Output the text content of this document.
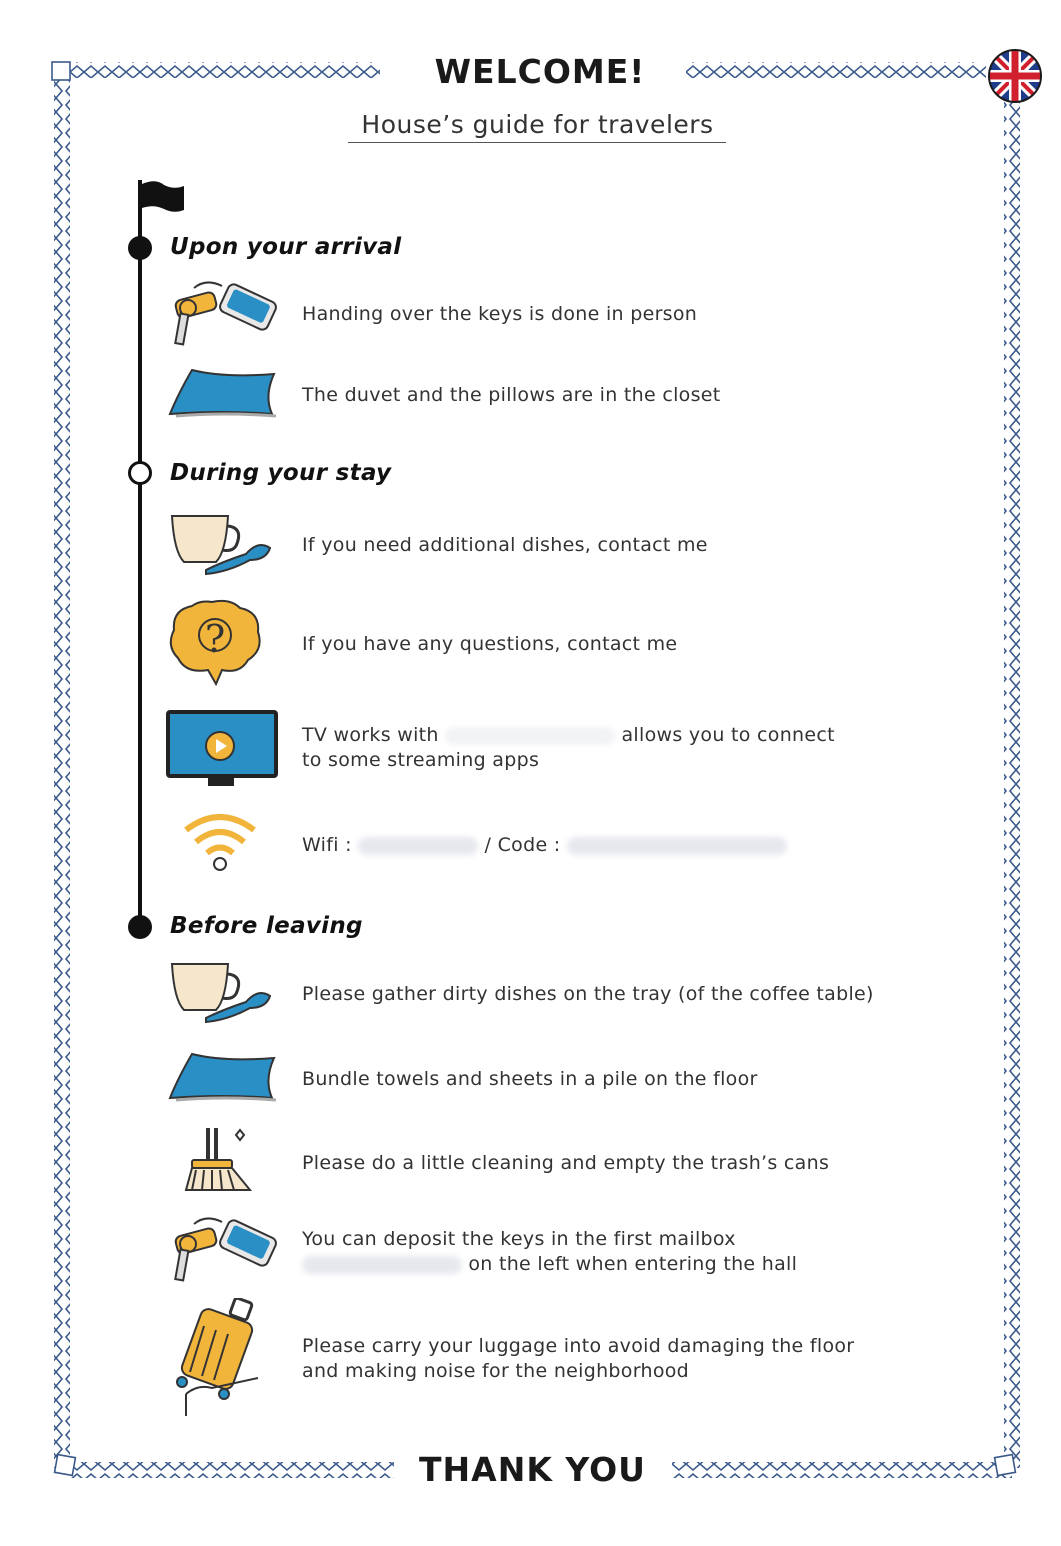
WELCOME!
House’s guide for travelers
Upon your arrival
Handing over the keys is done in person
The duvet and the pillows are in the closet
During your stay
If you need additional dishes, contact me
?	If you have any questions, contact me
TV works with	allows you to connect
to some streaming apps
Wifi :	/ Code :
Before leaving
Please gather dirty dishes on the tray (of the coffee table)
Bundle towels and sheets in a pile on the floor
Please do a little cleaning and empty the trash’s cans
You can deposit the keys in the first mailbox
on the left when entering the hall
Please carry your luggage into avoid damaging the floor
and making noise for the neighborhood
THANK YOU
